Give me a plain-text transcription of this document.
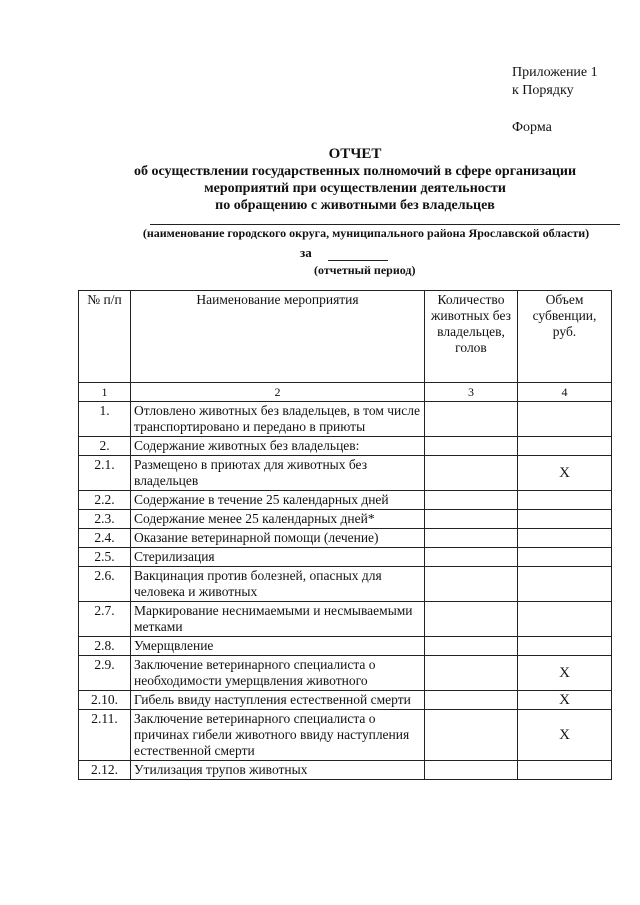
Приложение 1
к Порядку
Форма
ОТЧЕТ
об осуществлении государственных полномочий в сфере организации
мероприятий при осуществлении деятельности
по обращению с животными без владельцев
(наименование городского округа, муниципального района Ярославской области)
за
(отчетный период)
№ п/п	Наименование мероприятия	Количество животных без владельцев, голов	Объем субвенции, руб.
1	2	3	4
1.	Отловлено животных без владельцев, в том числе транспортировано и передано в приюты		
2.	Содержание животных без владельцев:		
2.1.	Размещено в приютах для животных без владельцев		X
2.2.	Содержание в течение 25 календарных дней		
2.3.	Содержание менее 25 календарных дней*		
2.4.	Оказание ветеринарной помощи (лечение)		
2.5.	Стерилизация		
2.6.	Вакцинация против болезней, опасных для человека и животных		
2.7.	Маркирование неснимаемыми и несмываемыми метками		
2.8.	Умерщвление		
2.9.	Заключение ветеринарного специалиста о необходимости умерщвления животного		X
2.10.	Гибель ввиду наступления естественной смерти		X
2.11.	Заключение ветеринарного специалиста о причинах гибели животного ввиду наступления естественной смерти		X
2.12.	Утилизация трупов животных		
